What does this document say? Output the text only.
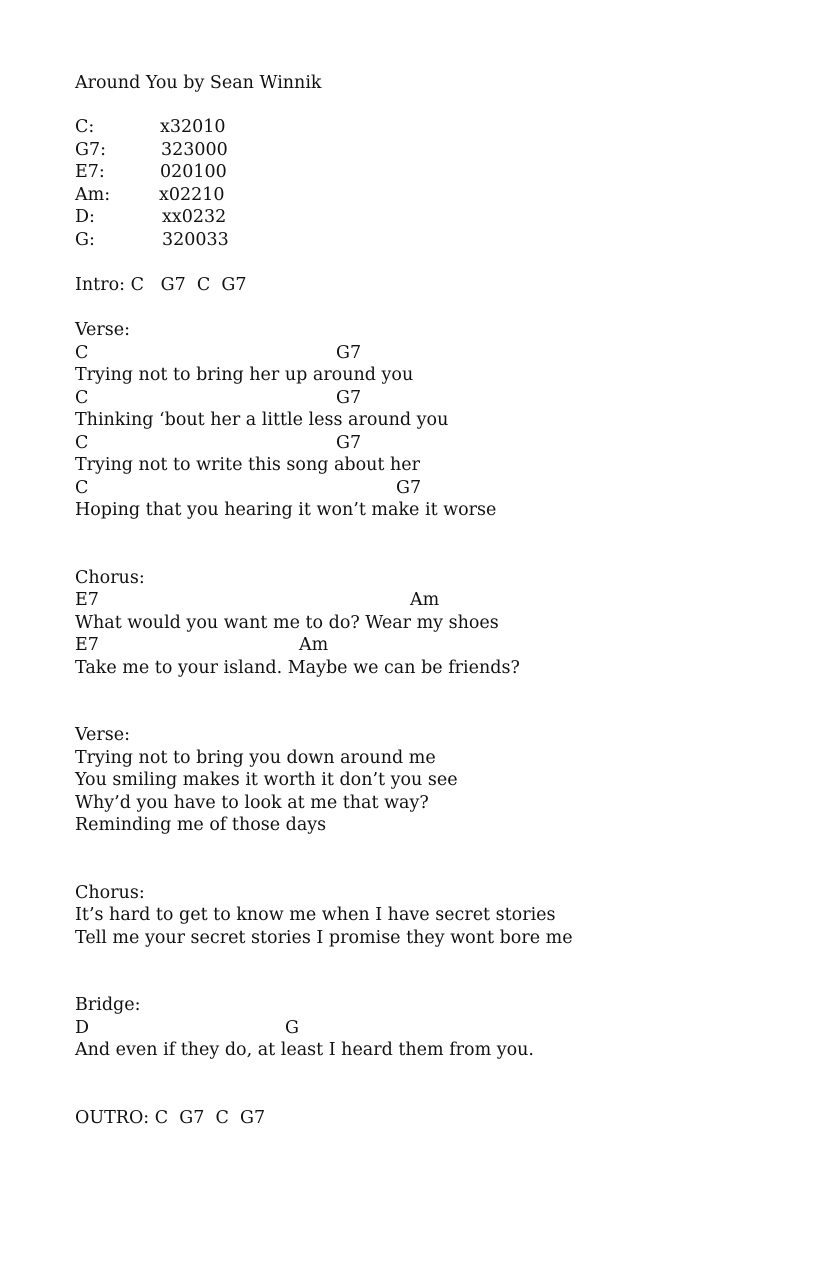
Around You by Sean Winnik
C:	x32010
G7:	323000
E7:	020100
Am:	x02210
D:	xx0232
G:	320033
Intro: C   G7  C  G7
Verse:
C	G7
Trying not to bring her up around you
C	G7
Thinking ‘bout her a little less around you
C	G7
Trying not to write this song about her
C	G7
Hoping that you hearing it won’t make it worse
Chorus:
E7	Am
What would you want me to do? Wear my shoes
E7	Am
Take me to your island. Maybe we can be friends?
Verse:
Trying not to bring you down around me
You smiling makes it worth it don’t you see
Why’d you have to look at me that way?
Reminding me of those days
Chorus:
It’s hard to get to know me when I have secret stories
Tell me your secret stories I promise they wont bore me
Bridge:
D	G
And even if they do, at least I heard them from you.
OUTRO: C  G7  C  G7
